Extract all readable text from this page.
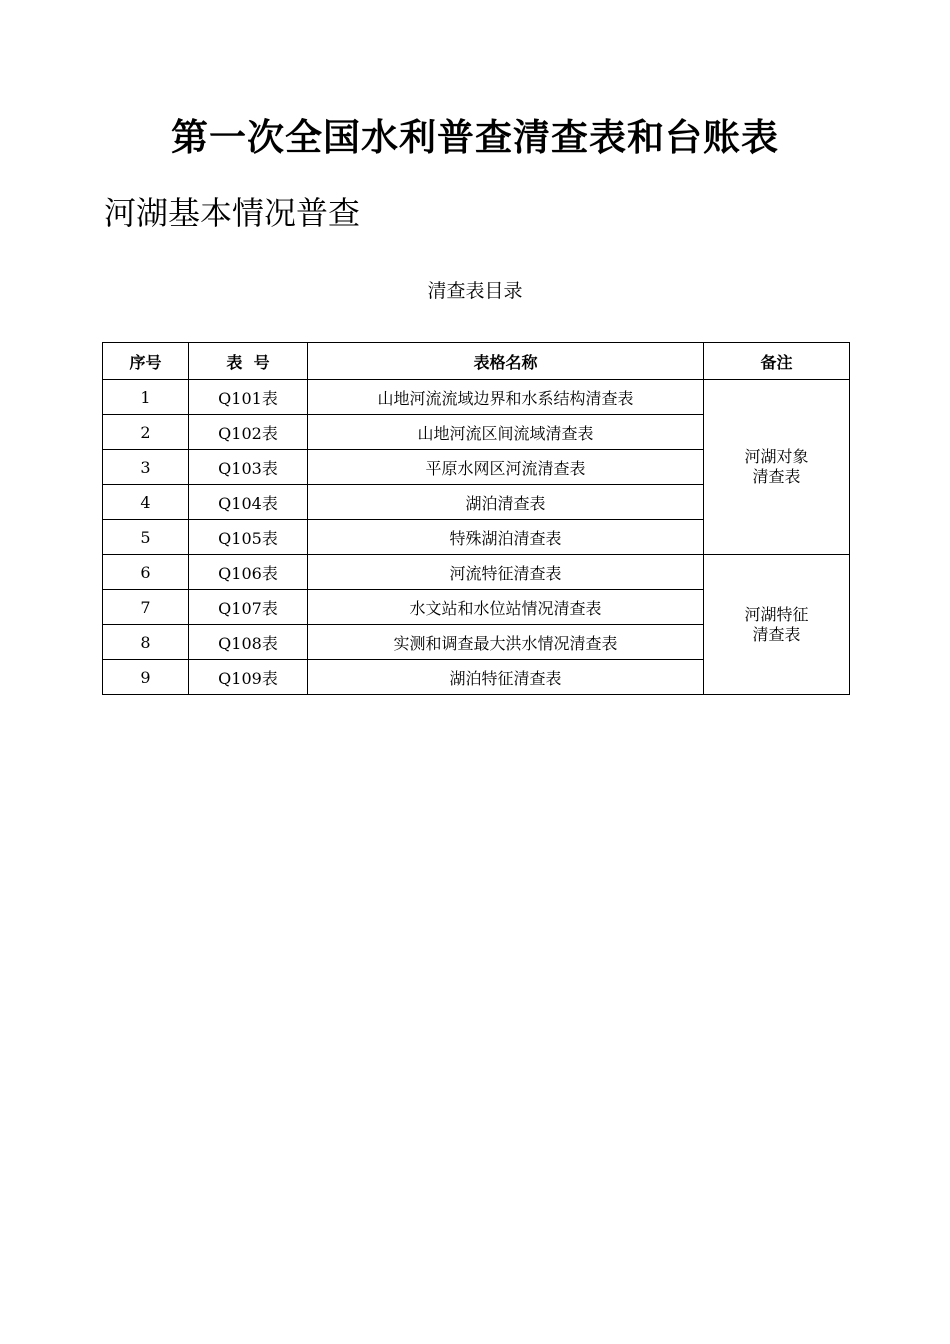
第一次全国水利普查清查表和台账表
河湖基本情况普查
清查表目录
序号	表  号	表格名称	备注
1	Q101表	山地河流流域边界和水系结构清查表	河湖对象
清查表

2	Q102表	山地河流区间流域清查表	
3	Q103表	平原水网区河流清查表	
4	Q104表	湖泊清查表	
5	Q105表	特殊湖泊清查表	
6	Q106表	河流特征清查表	河湖特征
清查表

7	Q107表	水文站和水位站情况清查表	
8	Q108表	实测和调查最大洪水情况清查表	
9	Q109表	湖泊特征清查表	
